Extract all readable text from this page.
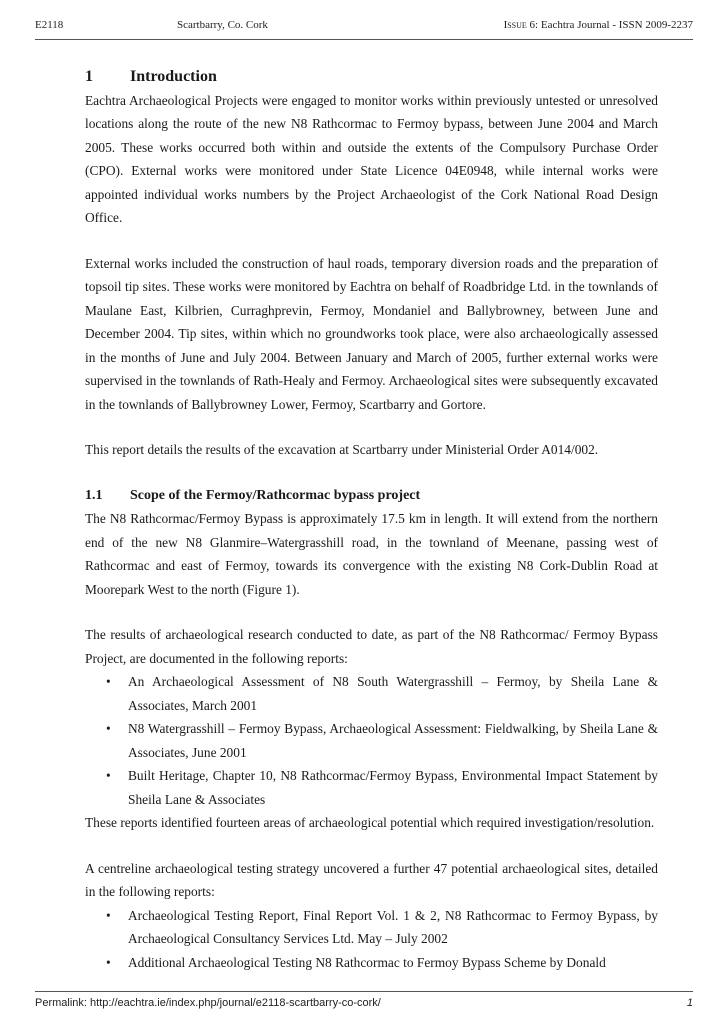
E2118	Scartbarry, Co. Cork	Issue 6: Eachtra Journal - ISSN 2009-2237
1 Introduction

Eachtra Archaeological Projects were engaged to monitor works within previously untested or unresolved locations along the route of the new N8 Rathcormac to Fermoy bypass, between June 2004 and March 2005. These works occurred both within and outside the extents of the Compulsory Purchase Order (CPO). External works were monitored under State Licence 04E0948, while internal works were appointed individual works numbers by the Project Archaeologist of the Cork National Road Design Office.

External works included the construction of haul roads, temporary diversion roads and the preparation of topsoil tip sites. These works were monitored by Eachtra on behalf of Roadbridge Ltd. in the townlands of Maulane East, Kilbrien, Curraghprevin, Fermoy, Mondaniel and Ballybrowney, between June and December 2004. Tip sites, within which no groundworks took place, were also archaeologically assessed in the months of June and July 2004. Between January and March of 2005, further external works were supervised in the townlands of Rath-Healy and Fermoy. Archaeological sites were subsequently excavated in the townlands of Ballybrowney Lower, Fermoy, Scartbarry and Gortore.

This report details the results of the excavation at Scartbarry under Ministerial Order A014/002.

1.1 Scope of the Fermoy/Rathcormac bypass project

The N8 Rathcormac/Fermoy Bypass is approximately 17.5 km in length. It will extend from the northern end of the new N8 Glanmire–Watergrasshill road, in the townland of Meenane, passing west of Rathcormac and east of Fermoy, towards its convergence with the existing N8 Cork-Dublin Road at Moorepark West to the north (Figure 1).

The results of archaeological research conducted to date, as part of the N8 Rathcormac/ Fermoy Bypass Project, are documented in the following reports:

• An Archaeological Assessment of N8 South Watergrasshill – Fermoy, by Sheila Lane & Associates, March 2001
• N8 Watergrasshill – Fermoy Bypass, Archaeological Assessment: Fieldwalking, by Sheila Lane & Associates, June 2001
• Built Heritage, Chapter 10, N8 Rathcormac/Fermoy Bypass, Environmental Impact Statement by Sheila Lane & Associates

These reports identified fourteen areas of archaeological potential which required investigation/resolution.

A centreline archaeological testing strategy uncovered a further 47 potential archaeological sites, detailed in the following reports:

• Archaeological Testing Report, Final Report Vol. 1 & 2, N8 Rathcormac to Fermoy Bypass, by Archaeological Consultancy Services Ltd. May – July 2002
• Additional Archaeological Testing N8 Rathcormac to Fermoy Bypass Scheme by Donald
Permalink: http://eachtra.ie/index.php/journal/e2118-scartbarry-co-cork/	1
